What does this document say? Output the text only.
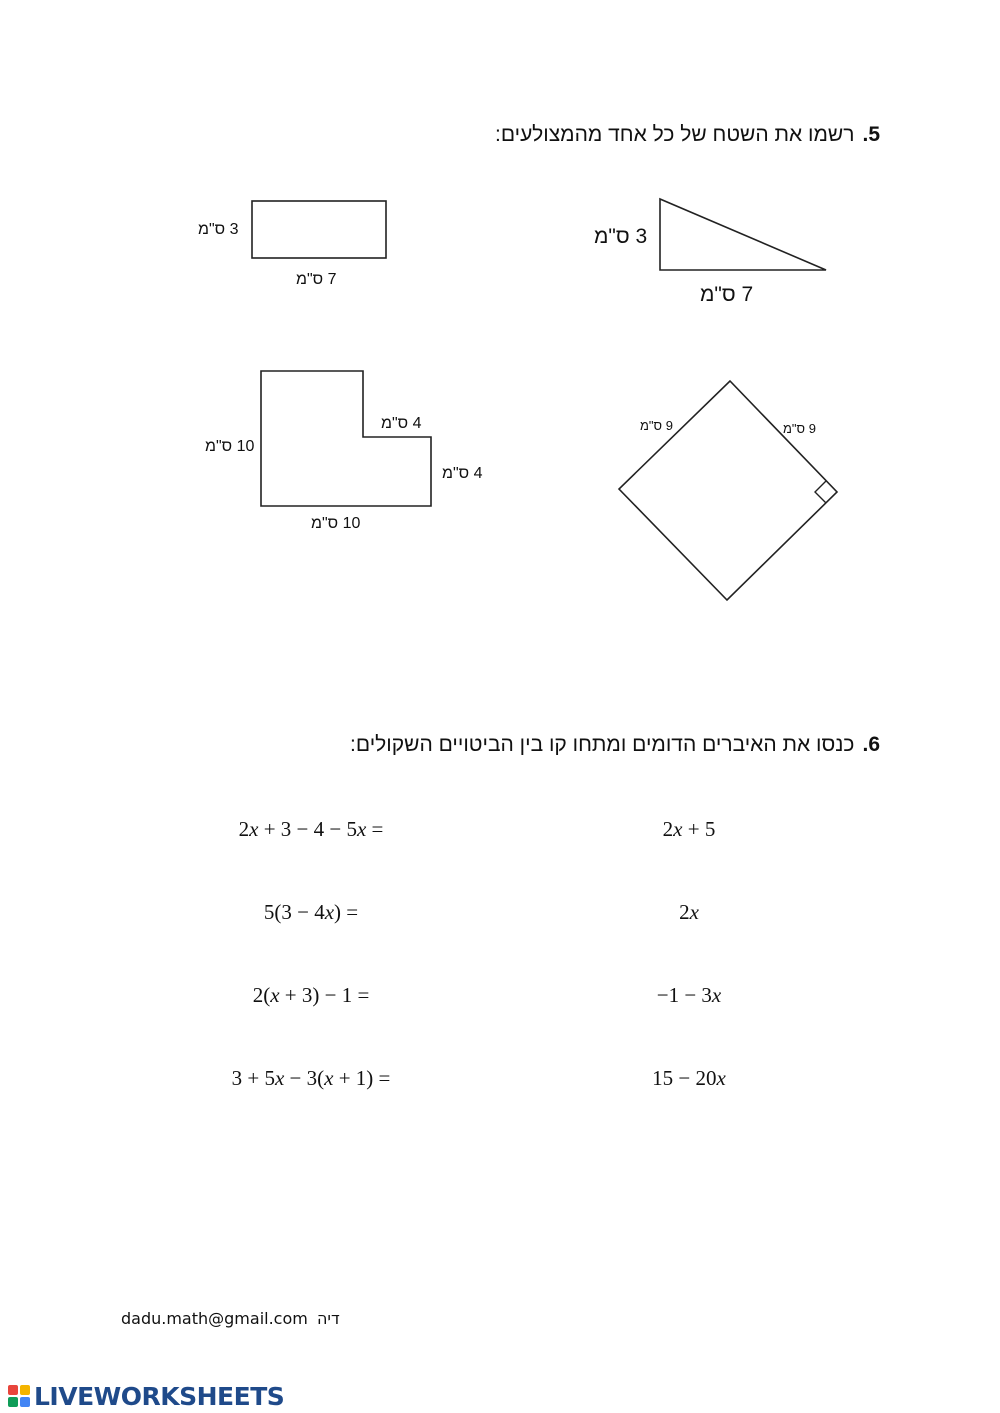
5.רשמו את השטח של כל אחד מהמצולעים:
3 ס"מ
7 ס"מ
3 ס"מ
7 ס"מ
10 ס"מ
4 ס"מ
4 ס"מ
10 ס"מ
9 ס"מ	9 ס"מ
6.כנסו את האיברים הדומים ומתחו קו בין הביטויים השקולים:
2x + 3 − 4 − 5x =
5(3 − 4x) =
2(x + 3) − 1 =
3 + 5x − 3(x + 1) =
2x + 5
2x
−1 − 3x
15 − 20x
dadu.math@gmail.com דיה
LIVEWORKSHEETS
